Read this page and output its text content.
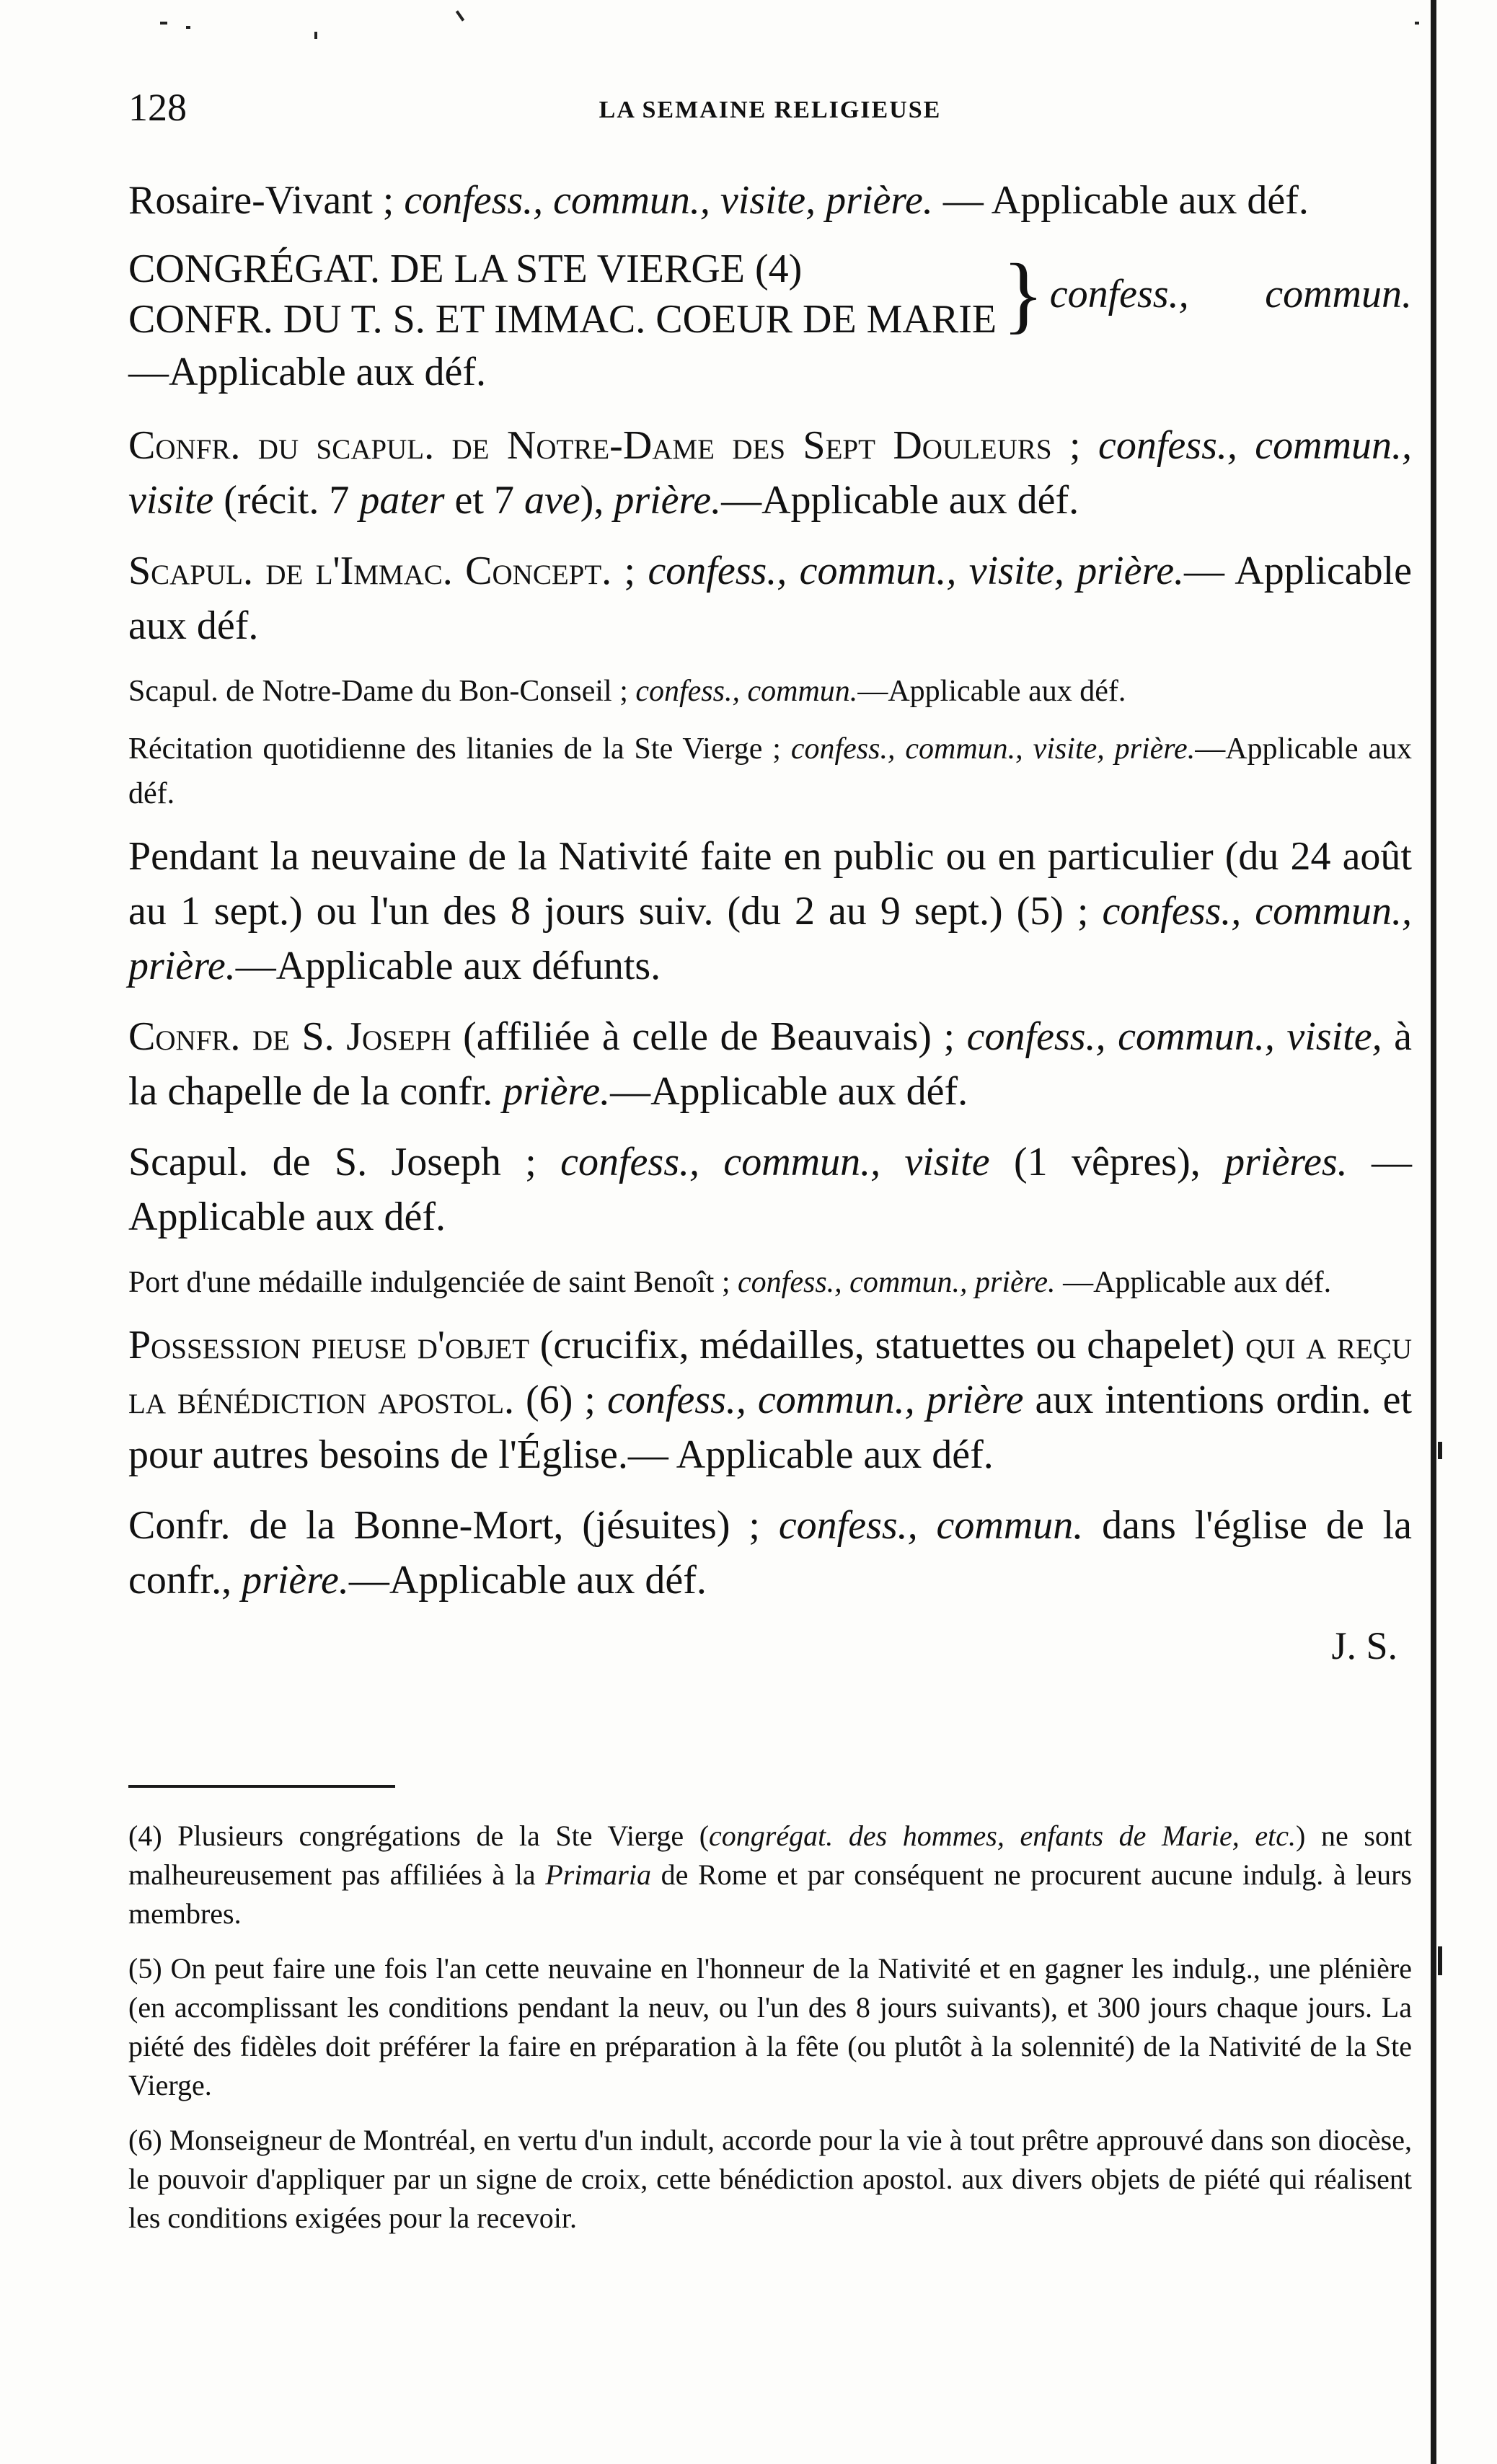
128	LA SEMAINE RELIGIEUSE

Rosaire-Vivant ; confess., commun., visite, prière. — Applicable aux déf.

CONGRÉGAT. DE LA STE VIERGE (4)
CONFR. DU T. S. ET IMMAC. COEUR DE MARIE } confess., commun.

—Applicable aux déf.

Confr. du scapul. de Notre-Dame des Sept Douleurs ; confess., commun., visite (récit. 7 pater et 7 ave), prière.—Applicable aux déf.

Scapul. de l'Immac. Concept. ; confess., commun., visite, prière.— Applicable aux déf.

Scapul. de Notre-Dame du Bon-Conseil ; confess., commun.—Applicable aux déf.

Récitation quotidienne des litanies de la Ste Vierge ; confess., commun., visite, prière.—Applicable aux déf.

Pendant la neuvaine de la Nativité faite en public ou en particulier (du 24 août au 1 sept.) ou l'un des 8 jours suiv. (du 2 au 9 sept.) (5) ; confess., commun., prière.—Applicable aux défunts.

Confr. de S. Joseph (affiliée à celle de Beauvais) ; confess., commun., visite, à la chapelle de la confr. prière.—Applicable aux déf.

Scapul. de S. Joseph ; confess., commun., visite (1 vêpres), prières. —Applicable aux déf.

Port d'une médaille indulgenciée de saint Benoît ; confess., commun., prière. —Applicable aux déf.

Possession pieuse d'objet (crucifix, médailles, statuettes ou chapelet) qui a reçu la bénédiction apostol. (6) ; confess., commun., prière aux intentions ordin. et pour autres besoins de l'Église.— Applicable aux déf.

Confr. de la Bonne-Mort, (jésuites) ; confess., commun. dans l'église de la confr., prière.—Applicable aux déf.

J. S.

(4) Plusieurs congrégations de la Ste Vierge (congrégat. des hommes, enfants de Marie, etc.) ne sont malheureusement pas affiliées à la Primaria de Rome et par conséquent ne procurent aucune indulg. à leurs membres.

(5) On peut faire une fois l'an cette neuvaine en l'honneur de la Nativité et en gagner les indulg., une plénière (en accomplissant les conditions pendant la neuv, ou l'un des 8 jours suivants), et 300 jours chaque jours. La piété des fidèles doit préférer la faire en préparation à la fête (ou plutôt à la solennité) de la Nativité de la Ste Vierge.

(6) Monseigneur de Montréal, en vertu d'un indult, accorde pour la vie à tout prêtre approuvé dans son diocèse, le pouvoir d'appliquer par un signe de croix, cette bénédiction apostol. aux divers objets de piété qui réalisent les conditions exigées pour la recevoir.
